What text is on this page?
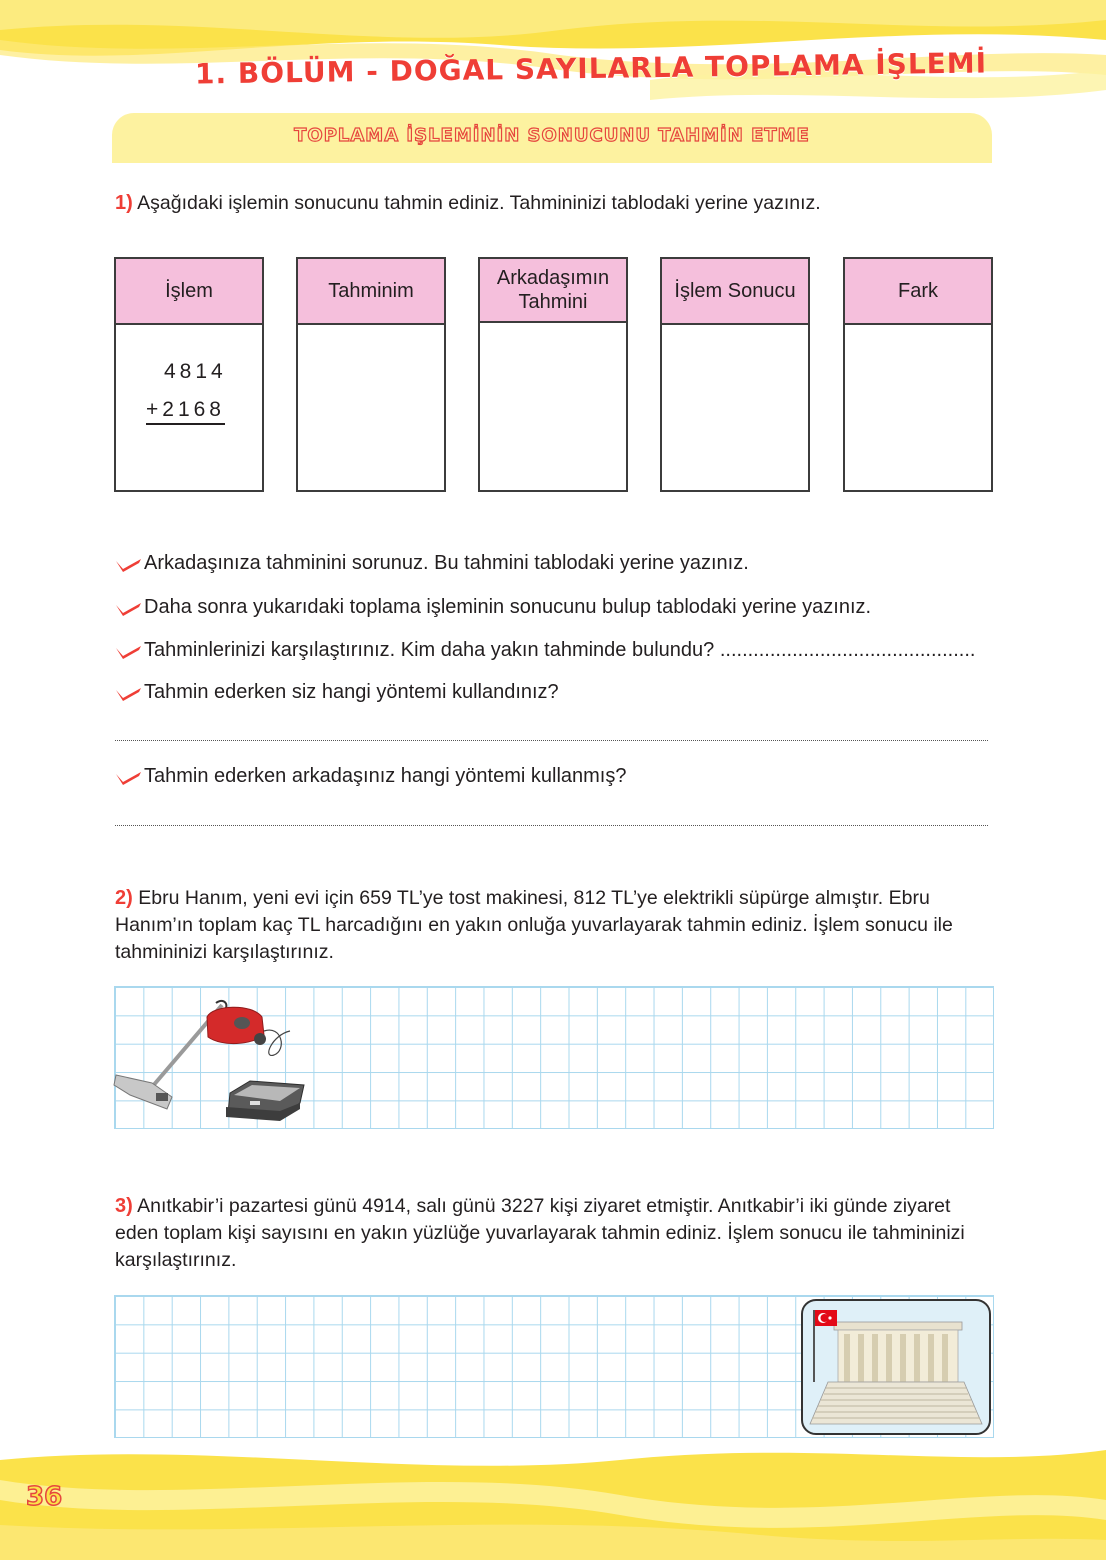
1. BÖLÜM - DOĞAL SAYILARLA TOPLAMA İŞLEMİ
TOPLAMA İŞLEMİNİN SONUCUNU TAHMİN ETME
1) Aşağıdaki işlemin sonucunu tahmin ediniz. Tahmininizi tablodaki yerine yazınız.
İşlem
4814
+2168
Tahminim
Arkadaşımın Tahmini	İşlem Sonucu	Fark
Arkadaşınıza tahminini sorunuz. Bu tahmini tablodaki yerine yazınız.
Daha sonra yukarıdaki toplama işleminin sonucunu bulup tablodaki yerine yazınız.
Tahminlerinizi karşılaştırınız. Kim daha yakın tahminde bulundu? ..............................................
Tahmin ederken siz hangi yöntemi kullandınız?
Tahmin ederken arkadaşınız hangi yöntemi kullanmış?
2) Ebru Hanım, yeni evi için 659 TL’ye tost makinesi, 812 TL’ye elektrikli süpürge almıştır. Ebru Hanım’ın toplam kaç TL harcadığını en yakın onluğa yuvarlayarak tahmin ediniz. İşlem sonucu ile tahmininizi karşılaştırınız.
3) Anıtkabir’i pazartesi günü 4914, salı günü 3227 kişi ziyaret etmiştir. Anıtkabir’i iki günde ziyaret eden toplam kişi sayısını en yakın yüzlüğe yuvarlayarak tahmin ediniz. İşlem sonucu ile tahmininizi karşılaştırınız.
36
